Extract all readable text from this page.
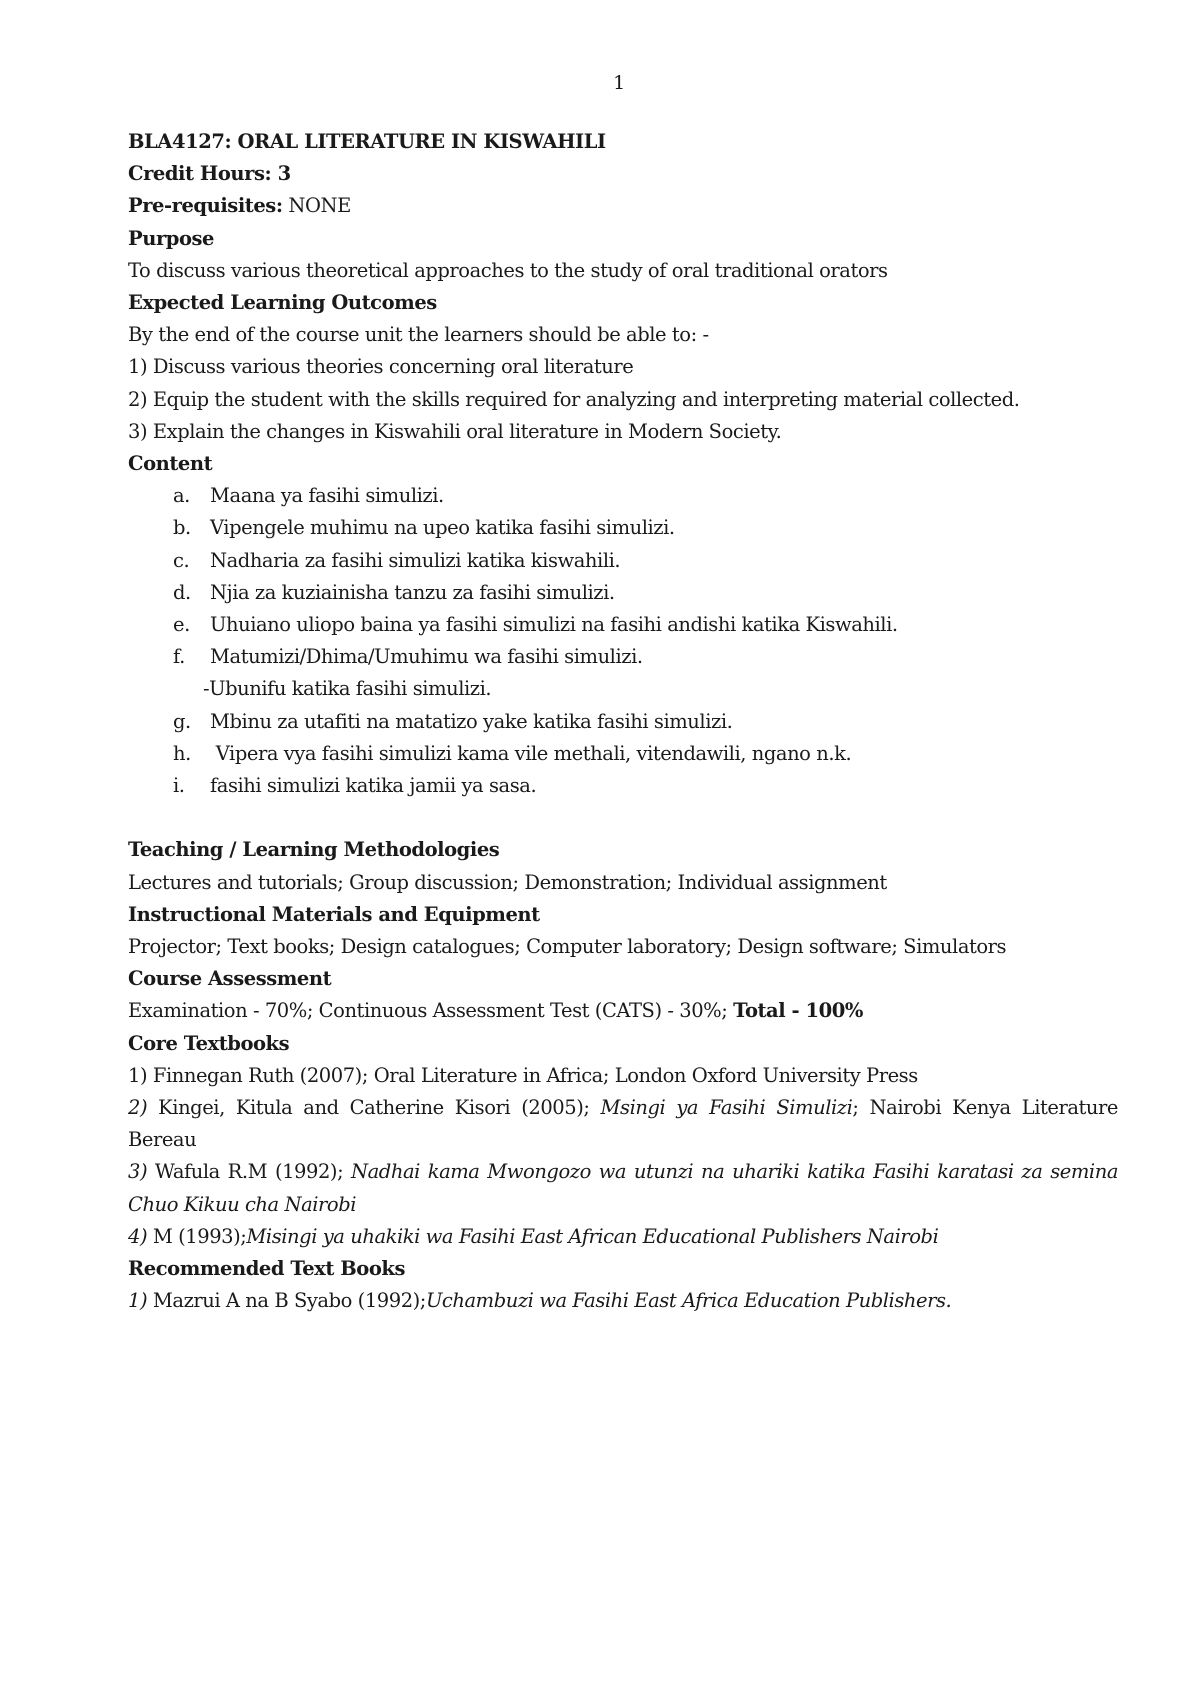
1
BLA4127: ORAL LITERATURE IN KISWAHILI
Credit Hours: 3
Pre-requisites: NONE
Purpose
To discuss various theoretical approaches to the study of oral traditional orators
Expected Learning Outcomes
By the end of the course unit the learners should be able to: -
1) Discuss various theories concerning oral literature
2) Equip the student with the skills required for analyzing and interpreting material collected.
3) Explain the changes in Kiswahili oral literature in Modern Society.
Content
a. Maana ya fasihi simulizi.
b. Vipengele muhimu na upeo katika fasihi simulizi.
c. Nadharia za fasihi simulizi katika kiswahili.
d. Njia za kuziainisha tanzu za fasihi simulizi.
e. Uhuiano uliopo baina ya fasihi simulizi na fasihi andishi katika Kiswahili.
f. Matumizi/Dhima/Umuhimu wa fasihi simulizi.
-Ubunifu katika fasihi simulizi.
g. Mbinu za utafiti na matatizo yake katika fasihi simulizi.
h. Vipera vya fasihi simulizi kama vile methali, vitendawili, ngano n.k.
i. fasihi simulizi katika jamii ya sasa.
Teaching / Learning Methodologies
Lectures and tutorials; Group discussion; Demonstration; Individual assignment
Instructional Materials and Equipment
Projector; Text books; Design catalogues; Computer laboratory; Design software; Simulators
Course Assessment
Examination - 70%; Continuous Assessment Test (CATS) - 30%; Total - 100%
Core Textbooks
1) Finnegan Ruth (2007); Oral Literature in Africa; London Oxford University Press
2) Kingei, Kitula and Catherine Kisori (2005); Msingi ya Fasihi Simulizi; Nairobi Kenya Literature Bereau
3) Wafula R.M (1992); Nadhai kama Mwongozo wa utunzi na uhariki katika Fasihi karatasi za semina Chuo Kikuu cha Nairobi
4) M (1993);Misingi ya uhakiki wa Fasihi East African Educational Publishers Nairobi
Recommended Text Books
1) Mazrui A na B Syabo (1992);Uchambuzi wa Fasihi East Africa Education Publishers.
